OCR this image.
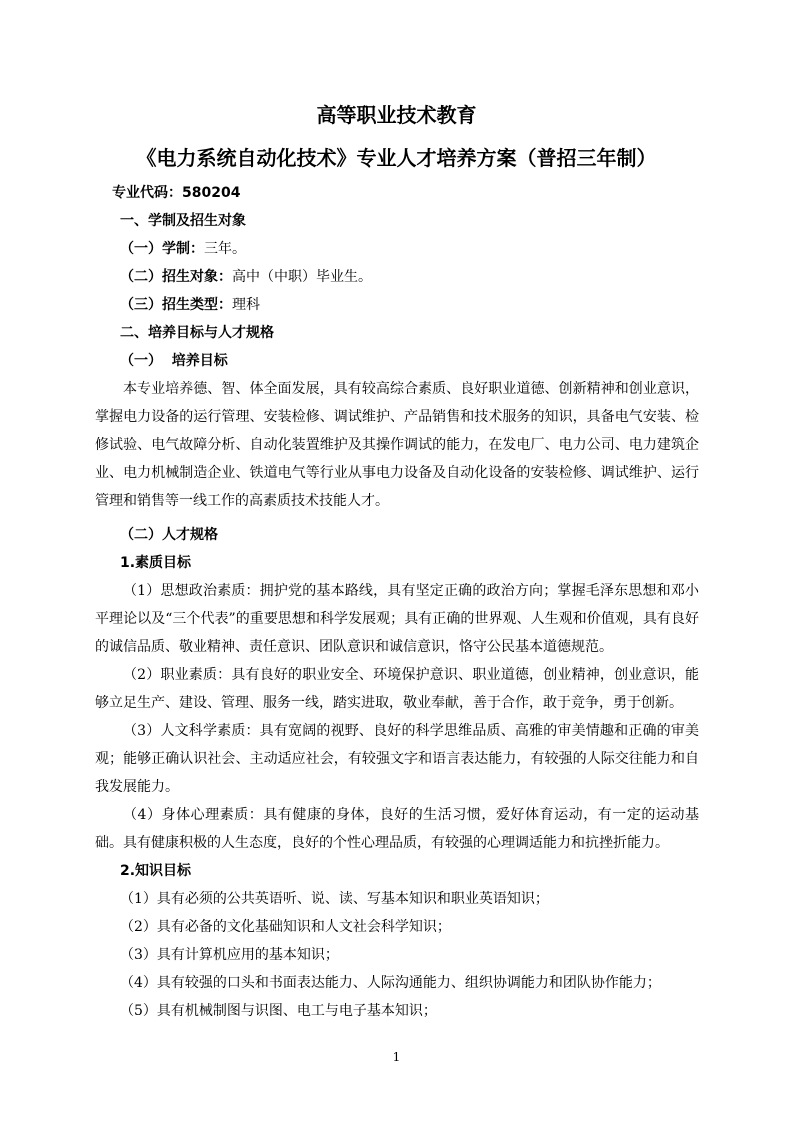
高等职业技术教育
《电力系统自动化技术》专业人才培养方案（普招三年制）
专业代码：580204
一、学制及招生对象
（一）学制：三年。
（二）招生对象：高中（中职）毕业生。
（三）招生类型：理科
二、培养目标与人才规格
（一）  培养目标
本专业培养德、智、体全面发展，具有较高综合素质、良好职业道德、创新精神和创业意识，掌握电力设备的运行管理、安装检修、调试维护、产品销售和技术服务的知识，具备电气安装、检修试验、电气故障分析、自动化装置维护及其操作调试的能力，在发电厂、电力公司、电力建筑企业、电力机械制造企业、铁道电气等行业从事电力设备及自动化设备的安装检修、调试维护、运行管理和销售等一线工作的高素质技术技能人才。
（二）人才规格
1.素质目标
（1）思想政治素质：拥护党的基本路线，具有坚定正确的政治方向；掌握毛泽东思想和邓小平理论以及“三个代表”的重要思想和科学发展观；具有正确的世界观、人生观和价值观，具有良好的诚信品质、敬业精神、责任意识、团队意识和诚信意识，恪守公民基本道德规范。
（2）职业素质：具有良好的职业安全、环境保护意识、职业道德，创业精神，创业意识，能够立足生产、建设、管理、服务一线，踏实进取，敬业奉献，善于合作，敢于竞争，勇于创新。
（3）人文科学素质：具有宽阔的视野、良好的科学思维品质、高雅的审美情趣和正确的审美观；能够正确认识社会、主动适应社会，有较强文字和语言表达能力，有较强的人际交往能力和自我发展能力。
（4）身体心理素质：具有健康的身体，良好的生活习惯，爱好体育运动，有一定的运动基础。具有健康积极的人生态度，良好的个性心理品质，有较强的心理调适能力和抗挫折能力。
2.知识目标
（1）具有必须的公共英语听、说、读、写基本知识和职业英语知识；
（2）具有必备的文化基础知识和人文社会科学知识；
（3）具有计算机应用的基本知识；
（4）具有较强的口头和书面表达能力、人际沟通能力、组织协调能力和团队协作能力；
（5）具有机械制图与识图、电工与电子基本知识；
1
